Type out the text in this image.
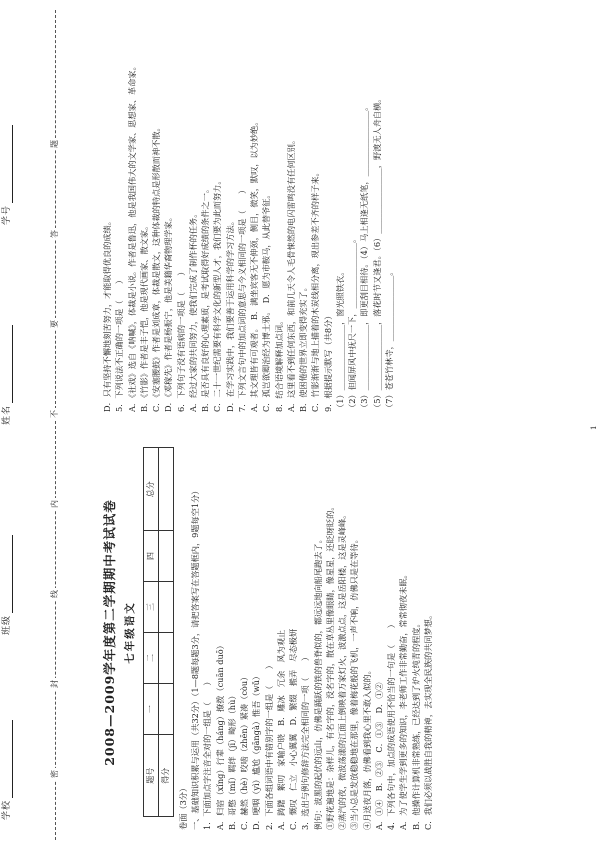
学校
班级
姓名
学号
密
封
线
内
不
要
答
题
2008—2009学年度第二学期期中考试试卷 七年级语文
题号	一	二	三	四	总分
得分					
卷面（3分） 一、基础知识积累与运用（共32分）（1—8题每题3分，请把答案写在答题框内，9题每空1分） 1．下面加点字注音全对的一组是（　　） A．归宿（xǐng）行辈（háng）撩拨（cuān duō） B．哥憋（mǐ）羁绊（jī）畸形（hù） C．赫然（hè）咬啮（zhēn）紧凑（còu） D．哽咽（yì）尴尬（gāngà）惟吾（wǔ） 2．下面各组词语中有错别字的一组是（　　） A．踌躇　絮叨　家喻户晓　B．雕冰　冗余　风为观止 C．慨叹　仁立　小心翼翼　D．繁缀　搬弄　尽态极妍 3．选出与例句修辞方法完全相同的一项（　　） 例句：波黑的起伏的远山，仿佛是踊跃的铁的兽脊似的，都远远地向船尾跑去了。 ①野花遍地是：杂样儿，有名字的，没名字的，散在草丛里像眼睛，像星星，还眨呀眨的。 ②蒸汽的夜，微波荡漾的江面上倒映着万家灯火，波激点点，这是岳阳楼，这是灵峰峰。 ③当小总是发放稳稳地在那里，像着梅花般的飞机，一声不响，仿佛只是在等待。 ④月送夜月落，仿佛看到我心里不敢入似的。 A．①④　B．②③　C．①③　D．①② 4．下列各句中，加点的成语使用不恰当的一句是（　　） A．为了使学生学到更多的知识，李老师工作非常勤奋，常常彻夜未眠。 B．他操作计算机非常熟练，已经达到了炉火纯青的程度。 C．我们必须以战胜自我的精神，去实现全民族的共同梦想。
D．只有坚持不懈地刻苦努力，才能取得优良的成绩。 5．下列说法不正确的一项是（　　） A．《社戏》选自《呐喊》，体裁是小说。作者是鲁迅，他是我国伟大的文学家、思想家、革命家。 B．《竹影》作者是丰子恺，他是现代画家、散文家。 C．《安塞腰鼓》作者是刘成章，体裁是散文，这种体裁的特点是形散而神不散。 D．《邓稼先》作者是杨振宁，他是美籍华裔物理学家。 6．下列句子没有语病的一项是（　　） A．经过大家的共同努力，使我们完成了制作杯的任务。 B．是否具有良好的心理素质，是考试取得好成绩的条件之一。 C．二十一世纪需要有科学文化的新型人才，我们要为此而努力。 D．在学习实践中，我们要善于运用科学的学习方法。 7．下列文言句中的加点词的意思与今义相同的一项是（　　） A．其文理皆有可观者。　B．满坐宾客无不伸颈，侧目，微笑，默叹，以为妙绝。 C．孤岂欲卿治经为博士邪。　D．愿为市鞍马，从此替爷征。 8．结合语境解释加点词。 A．这里看不到任何东西，和前几天令人毛骨悚然的电闪雷鸣没有任何区别。 B．使困倦的世界立即变得充实了。 C．竹影渐渐与地上描着的木炭线相分离，现出参差不齐的样子来。 9．根据提示默写（共8分） （1）________________，窗光照铁衣。 （2）但闻屏风中抚尺一下，________________。 （3）________________，即更刮目相待。（4）马上相逢无纸笔，________________。 （5）________________，落花时节又逢君。（6）________________，野渡无人舟自横。 （7）苍苍竹林寺，________________。
1
